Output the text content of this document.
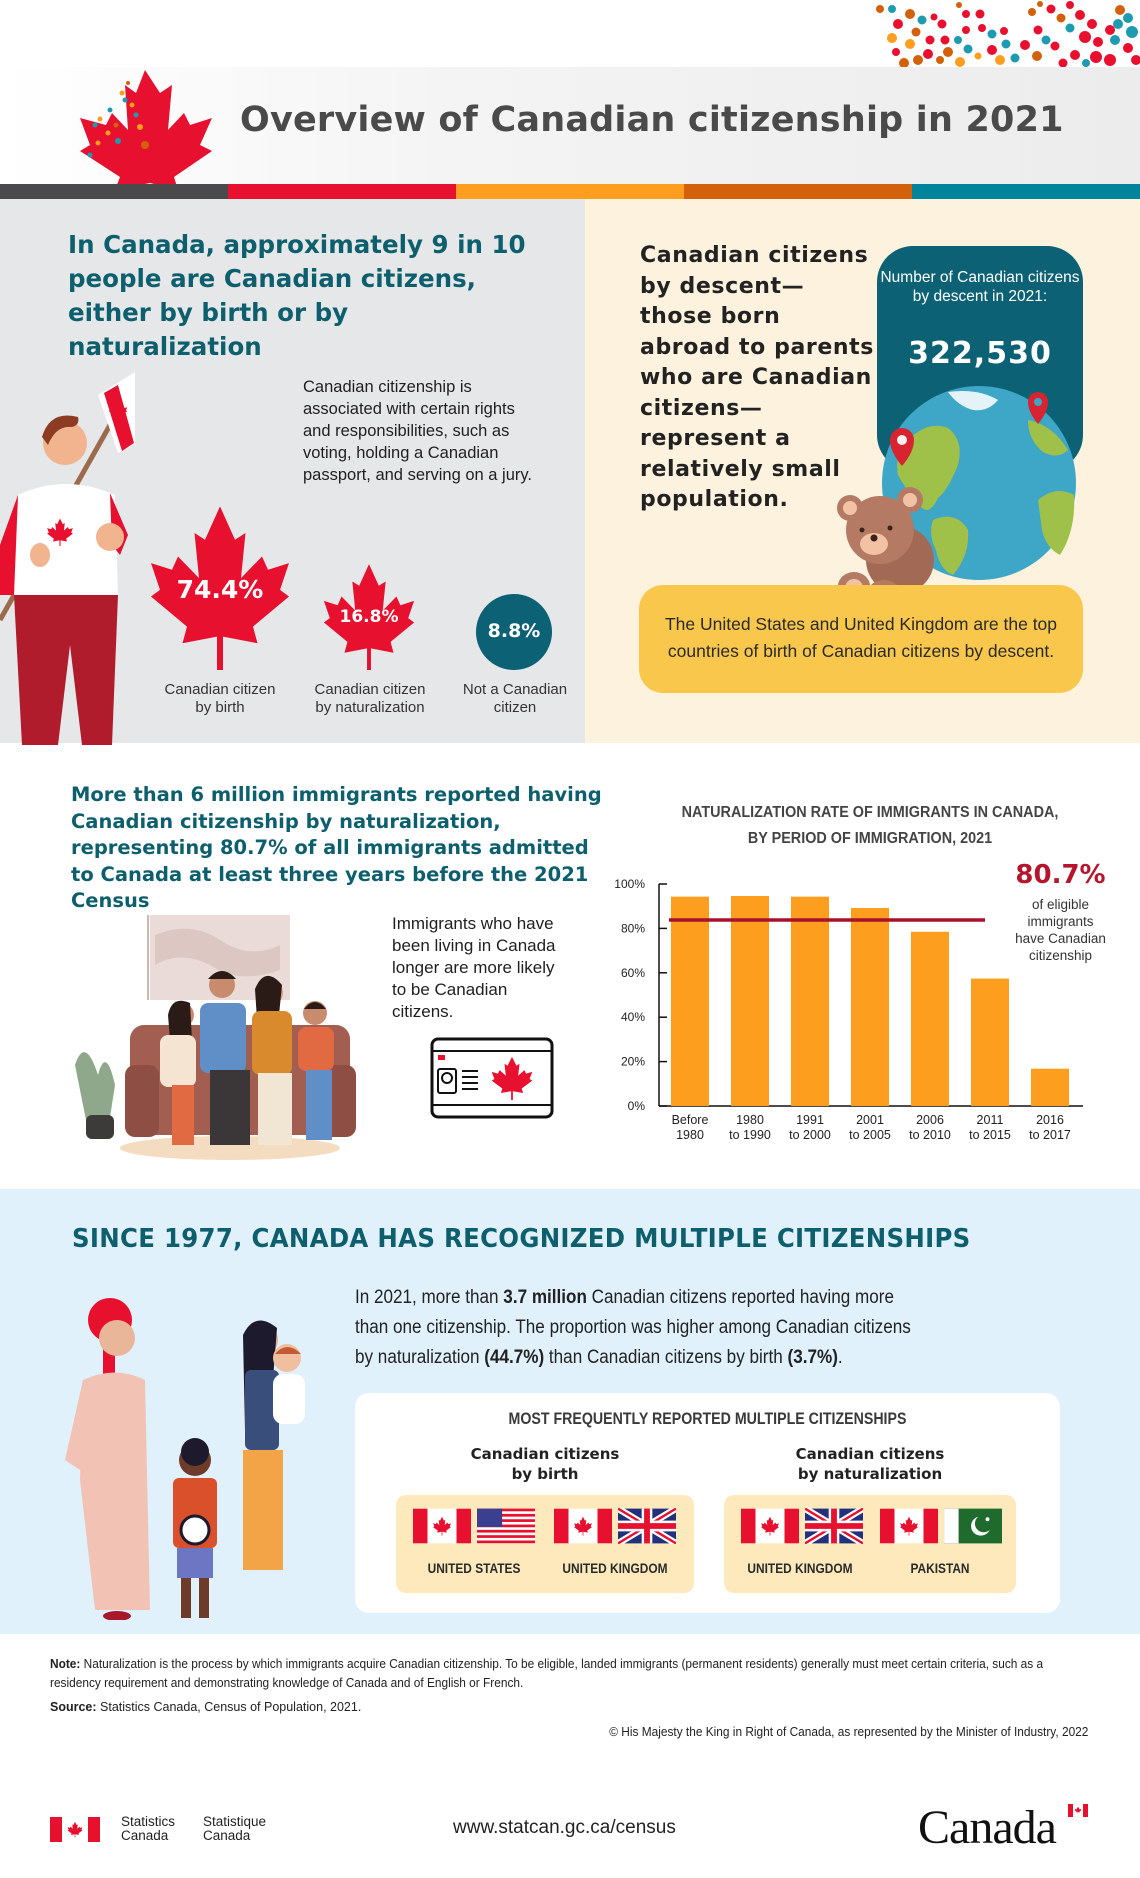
Overview of Canadian citizenship in 2021
In Canada, approximately 9 in 10 people are Canadian citizens, either by birth or by naturalization
Canadian citizenship is associated with certain rights and responsibilities, such as voting, holding a Canadian passport, and serving on a jury.
74.4%
Canadian citizen
by birth
16.8%
Canadian citizen
by naturalization
8.8%
Not a Canadian
citizen
Canadian citizens by descent—those born abroad to parents who are Canadian citizens—represent a relatively small population.
Number of Canadian citizens by descent in 2021:
322,530
The United States and United Kingdom are the top countries of birth of Canadian citizens by descent.
More than 6 million immigrants reported having Canadian citizenship by naturalization, representing 80.7% of all immigrants admitted to Canada at least three years before the 2021 Census
Immigrants who have been living in Canada longer are more likely to be Canadian citizens.
NATURALIZATION RATE OF IMMIGRANTS IN CANADA,
BY PERIOD OF IMMIGRATION, 2021
0%
20%
40%
60%
80%
100%
Before
1980
1980
to 1990
1991
to 2000
2001
to 2005
2006
to 2010
2011
to 2015
2016
to 2017
80.7%
of eligible
immigrants
have Canadian
citizenship
SINCE 1977, CANADA HAS RECOGNIZED MULTIPLE CITIZENSHIPS
In 2021, more than 3.7 million Canadian citizens reported having more than one citizenship. The proportion was higher among Canadian citizens by naturalization (44.7%) than Canadian citizens by birth (3.7%).
MOST FREQUENTLY REPORTED MULTIPLE CITIZENSHIPS
Canadian citizens
by birth
Canadian citizens
by naturalization
UNITED STATES	UNITED KINGDOM	UNITED KINGDOM	PAKISTAN
Note: Naturalization is the process by which immigrants acquire Canadian citizenship. To be eligible, landed immigrants (permanent residents) generally must meet certain criteria, such as a residency requirement and demonstrating knowledge of Canada and of English or French.
Source: Statistics Canada, Census of Population, 2021.
© His Majesty the King in Right of Canada, as represented by the Minister of Industry, 2022
Statistics
Canada
Statistique
Canada	www.statcan.gc.ca/census	Canada
